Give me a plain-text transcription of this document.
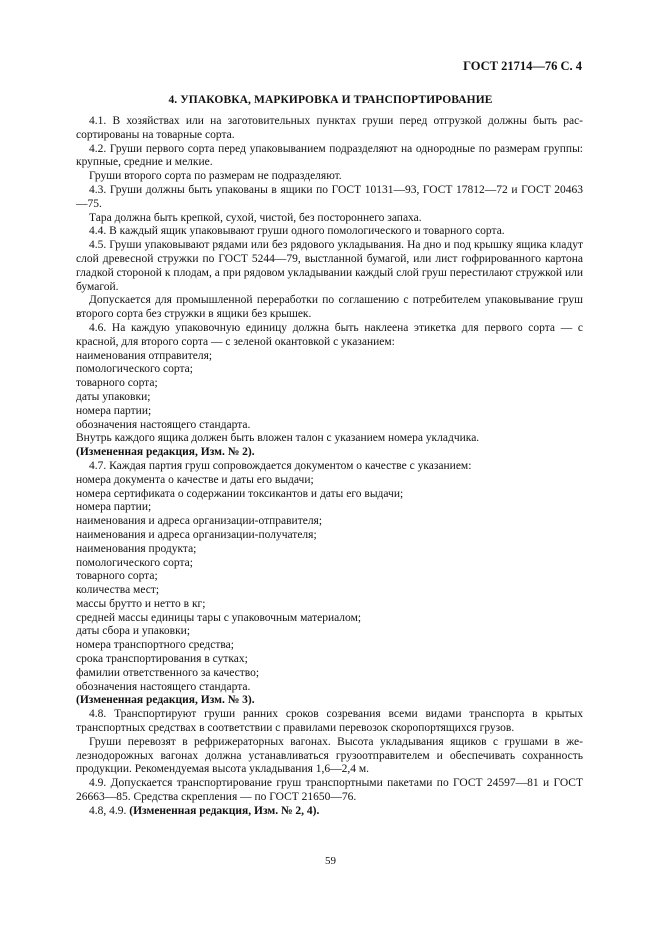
ГОСТ 21714—76 С. 4
4. УПАКОВКА, МАРКИРОВКА И ТРАНСПОРТИРОВАНИЕ

4.1. В хозяйствах или на заготовительных пунктах груши перед отгрузкой должны быть рас-сортированы на товарные сорта.

4.2. Груши первого сорта перед упаковыванием подразделяют на однородные по размерам группы: крупные, средние и мелкие.

Груши второго сорта по размерам не подразделяют.

4.3. Груши должны быть упакованы в ящики по ГОСТ 10131—93, ГОСТ 17812—72 и ГОСТ 20463—75.

Тара должна быть крепкой, сухой, чистой, без постороннего запаха.

4.4. В каждый ящик упаковывают груши одного помологического и товарного сорта.

4.5. Груши упаковывают рядами или без рядового укладывания. На дно и под крышку ящика кладут слой древесной стружки по ГОСТ 5244—79, выстланной бумагой, или лист гофрированного картона гладкой стороной к плодам, а при рядовом укладывании каждый слой груш перестилают стружкой или бумагой.

Допускается для промышленной переработки по соглашению с потребителем упаковывание груш второго сорта без стружки в ящики без крышек.

4.6. На каждую упаковочную единицу должна быть наклеена этикетка для первого сорта — с красной, для второго сорта — с зеленой окантовкой с указанием:

наименования отправителя;

помологического сорта;

товарного сорта;

даты упаковки;

номера партии;

обозначения настоящего стандарта.

Внутрь каждого ящика должен быть вложен талон с указанием номера укладчика.

(Измененная редакция, Изм. № 2).

4.7. Каждая партия груш сопровождается документом о качестве с указанием:

номера документа о качестве и даты его выдачи;

номера сертификата о содержании токсикантов и даты его выдачи;

номера партии;

наименования и адреса организации-отправителя;

наименования и адреса организации-получателя;

наименования продукта;

помологического сорта;

товарного сорта;

количества мест;

массы брутто и нетто в кг;

средней массы единицы тары с упаковочным материалом;

даты сбора и упаковки;

номера транспортного средства;

срока транспортирования в сутках;

фамилии ответственного за качество;

обозначения настоящего стандарта.

(Измененная редакция, Изм. № 3).

4.8. Транспортируют груши ранних сроков созревания всеми видами транспорта в крытых транспортных средствах в соответствии с правилами перевозок скоропортящихся грузов.

Груши перевозят в рефрижераторных вагонах. Высота укладывания ящиков с грушами в же-лезнодорожных вагонах должна устанавливаться грузоотправителем и обеспечивать сохранность продукции. Рекомендуемая высота укладывания 1,6—2,4 м.

4.9. Допускается транспортирование груш транспортными пакетами по ГОСТ 24597—81 и ГОСТ 26663—85. Средства скрепления — по ГОСТ 21650—76.

4.8, 4.9. (Измененная редакция, Изм. № 2, 4).

59
